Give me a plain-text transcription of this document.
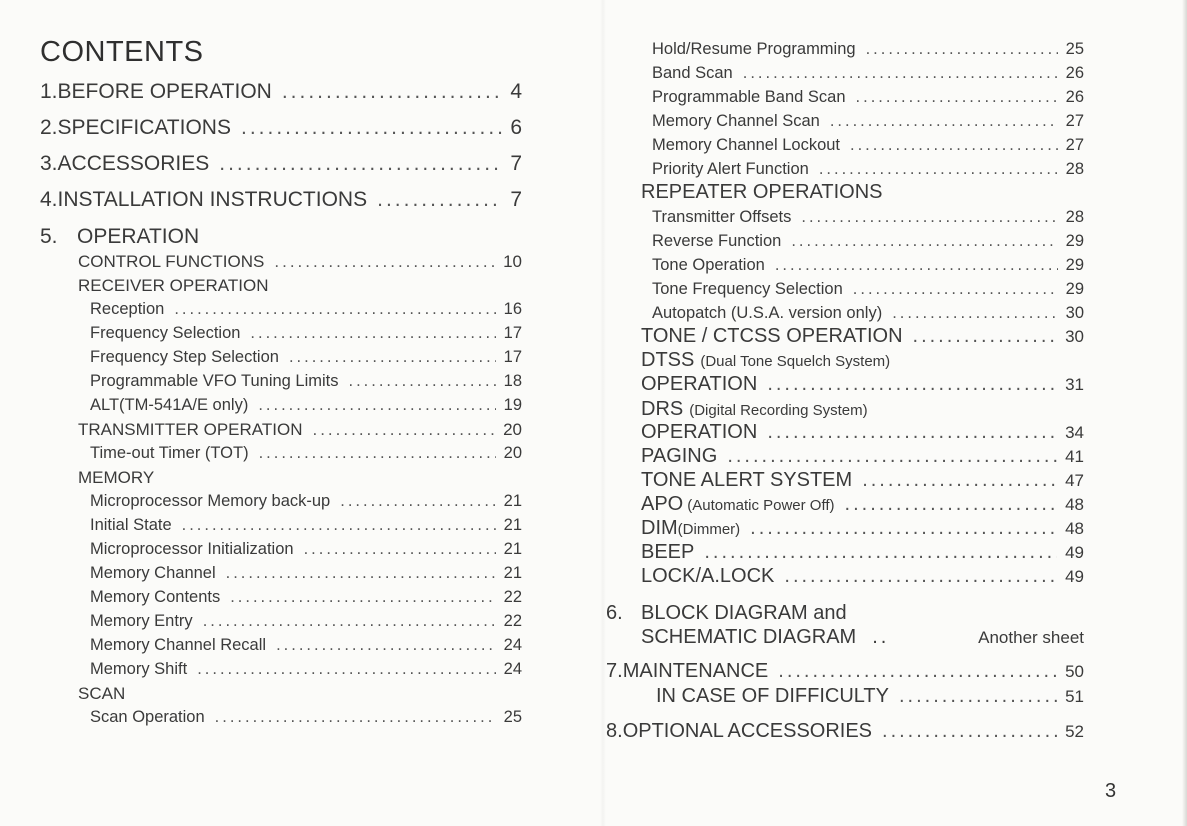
CONTENTS
1. BEFORE OPERATION .....	4
2. SPECIFICATIONS .....	6
3. ACCESSORIES .....	7
4. INSTALLATION INSTRUCTIONS .....	7
5. OPERATION
CONTROL FUNCTIONS .....	10
RECEIVER OPERATION
Reception .....	16
Frequency Selection .....	17
Frequency Step Selection .....	17
Programmable VFO Tuning Limits .....	18
ALT(TM-541A/E only) .....	19
TRANSMITTER OPERATION .....	20
Time-out Timer (TOT) .....	20
MEMORY
Microprocessor Memory back-up .....	21
Initial State .....	21
Microprocessor Initialization .....	21
Memory Channel .....	21
Memory Contents .....	22
Memory Entry .....	22
Memory Channel Recall .....	24
Memory Shift .....	24
SCAN
Scan Operation .....	25
Hold/Resume Programming .....	25
Band Scan .....	26
Programmable Band Scan .....	26
Memory Channel Scan .....	27
Memory Channel Lockout .....	27
Priority Alert Function .....	28
REPEATER OPERATIONS
Transmitter Offsets .....	28
Reverse Function .....	29
Tone Operation .....	29
Tone Frequency Selection .....	29
Autopatch (U.S.A. version only) .....	30
TONE / CTCSS OPERATION .....	30
DTSS (Dual Tone Squelch System)
OPERATION .....	31
DRS (Digital Recording System)
OPERATION .....	34
PAGING .....	41
TONE ALERT SYSTEM .....	47
APO (Automatic Power Off) .....	48
DIM (Dimmer) .....	48
BEEP .....	49
LOCK/A.LOCK .....	49
6. BLOCK DIAGRAM and
SCHEMATIC DIAGRAM ..	Another sheet
7. MAINTENANCE .....	50
IN CASE OF DIFFICULTY .....	51
8. OPTIONAL ACCESSORIES .....	52
3
